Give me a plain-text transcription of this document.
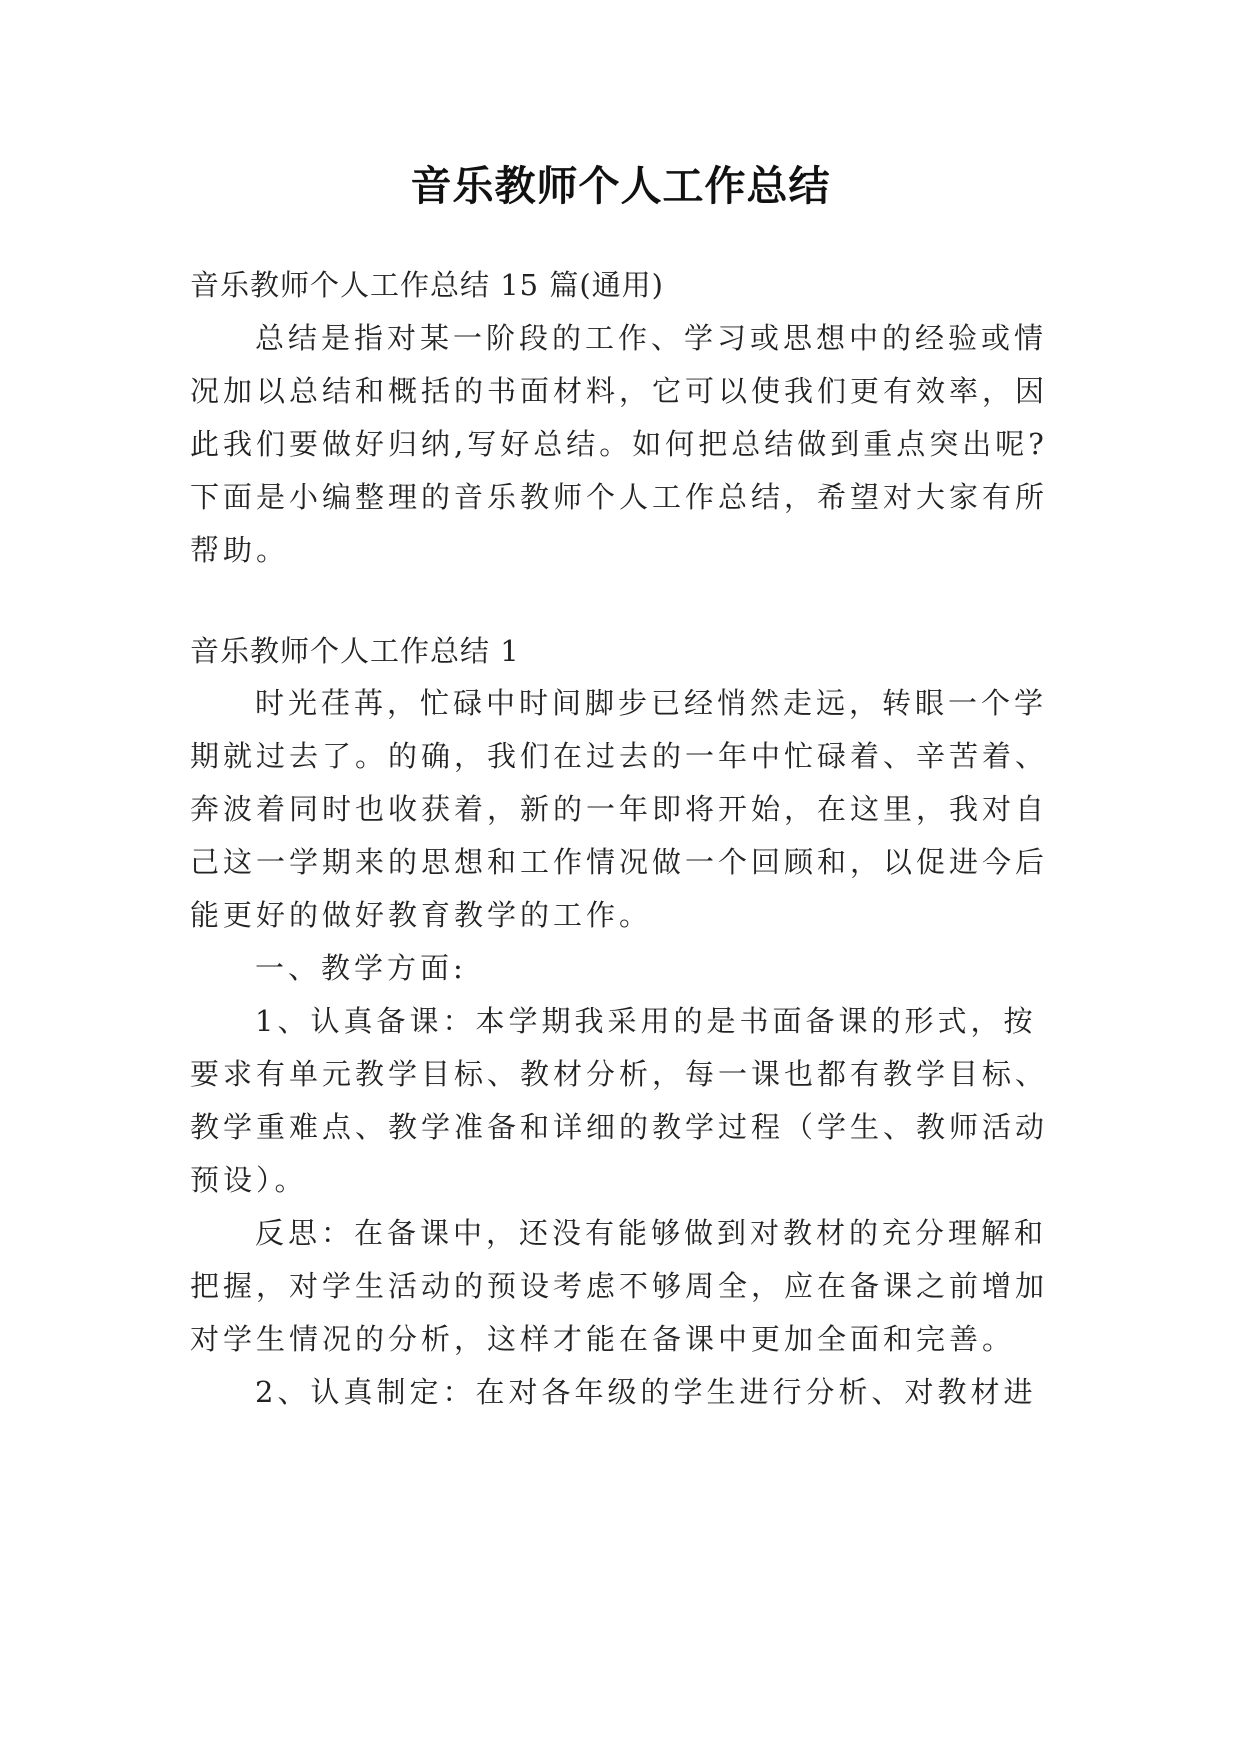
音乐教师个人工作总结
音乐教师个人工作总结 15 篇(通用)
总结是指对某一阶段的工作、学习或思想中的经验或情
况加以总结和概括的书面材料，它可以使我们更有效率，因
此我们要做好归纳,写好总结。如何把总结做到重点突出呢?
下面是小编整理的音乐教师个人工作总结，希望对大家有所
帮助。
音乐教师个人工作总结 1
时光荏苒，忙碌中时间脚步已经悄然走远，转眼一个学
期就过去了。的确，我们在过去的一年中忙碌着、辛苦着、
奔波着同时也收获着，新的一年即将开始，在这里，我对自
己这一学期来的思想和工作情况做一个回顾和，以促进今后
能更好的做好教育教学的工作。
一、教学方面:
1、认真备课：本学期我采用的是书面备课的形式，按
要求有单元教学目标、教材分析，每一课也都有教学目标、
教学重难点、教学准备和详细的教学过程（学生、教师活动
预设）。
反思：在备课中，还没有能够做到对教材的充分理解和
把握，对学生活动的预设考虑不够周全，应在备课之前增加
对学生情况的分析，这样才能在备课中更加全面和完善。
2、认真制定：在对各年级的学生进行分析、对教材进
